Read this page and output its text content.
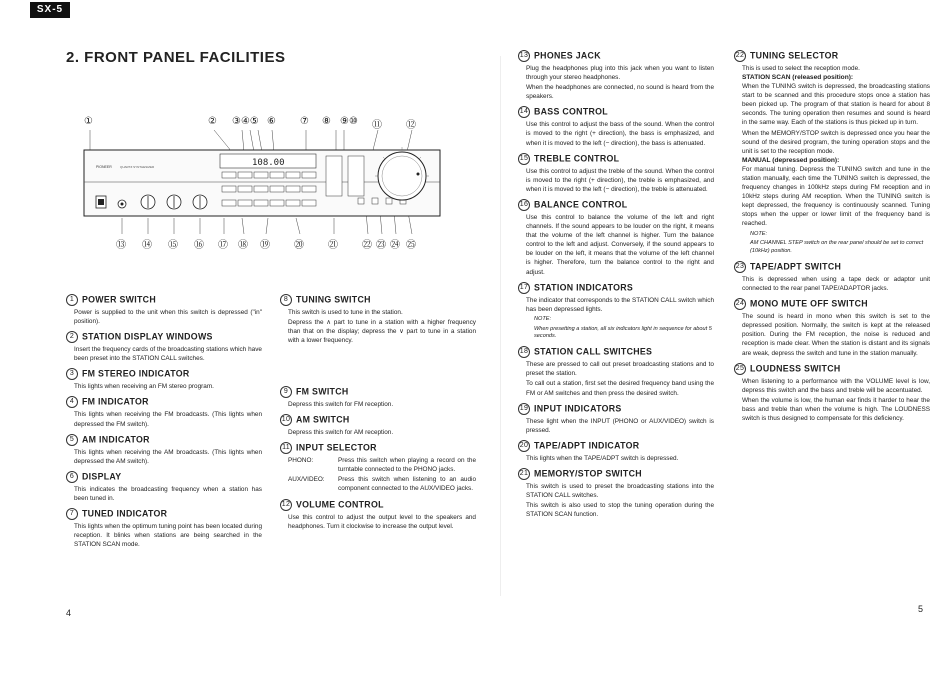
SX-5
2. FRONT PANEL FACILITIES
PIONEER	QUARTZ SYNTHESIZER	108.00
①	② ③④⑤ ⑥ ⑦ ⑧ ⑨⑩ ⑪ ⑫
⑬ ⑭ ⑮ ⑯ ⑰ ⑱ ⑲ ⑳ ㉑ ㉒ ㉓ ㉔ ㉕
1 POWER SWITCH

Power is supplied to the unit when this switch is depressed ("in" position).

2 STATION DISPLAY WINDOWS

Insert the frequency cards of the broadcasting stations which have been preset into the STATION CALL switches.

3 FM STEREO INDICATOR

This lights when receiving an FM stereo program.

4 FM INDICATOR

This lights when receiving the FM broadcasts. (This lights when depressed the FM switch).

5 AM INDICATOR

This lights when receiving the AM broadcasts. (This lights when depressed the AM switch).

6 DISPLAY

This indicates the broadcasting frequency when a station has been tuned in.

7 TUNED INDICATOR

This lights when the optimum tuning point has been located during reception. It blinks when stations are being searched in the STATION SCAN mode.

8 TUNING SWITCH

This switch is used to tune in the station.

Depress the ∧ part to tune in a station with a higher frequency than that on the display; depress the ∨ part to tune in a station with a lower frequency.

9 FM SWITCH

Depress this switch for FM reception.

10 AM SWITCH

Depress this switch for AM reception.

11 INPUT SELECTOR
PHONO:	Press this switch when playing a record on the turntable connected to the PHONO jacks.
AUX/VIDEO:	Press this switch when listening to an audio component connected to the AUX/VIDEO jacks.
12 VOLUME CONTROL

Use this control to adjust the output level to the speakers and headphones. Turn it clockwise to increase the output level.

13 PHONES JACK

Plug the headphones plug into this jack when you want to listen through your stereo headphones.

When the headphones are connected, no sound is heard from the speakers.

14 BASS CONTROL

Use this control to adjust the bass of the sound. When the control is moved to the right (+ direction), the bass is emphasized, and when it is moved to the left (− direction), the bass is attenuated.

15 TREBLE CONTROL

Use this control to adjust the treble of the sound. When the control is moved to the right (+ direction), the treble is emphasized, and when it is moved to the left (− direction), the treble is attenuated.

16 BALANCE CONTROL

Use this control to balance the volume of the left and right channels. If the sound appears to be louder on the right, it means that the volume of the left channel is higher. Turn the balance control to the left and adjust. Conversely, if the sound appears to be louder on the left, it means that the volume of the left channel is higher. Therefore, turn the balance control to the right and adjust.

17 STATION INDICATORS

The indicator that corresponds to the STATION CALL switch which has been depressed lights.

NOTE:
When presetting a station, all six indicators light in sequence for about 5 seconds.
18 STATION CALL SWITCHES

These are pressed to call out preset broadcasting stations and to preset the station.

To call out a station, first set the desired frequency band using the FM or AM switches and then press the desired switch.

19 INPUT INDICATORS

These light when the INPUT (PHONO or AUX/VIDEO) switch is pressed.

20 TAPE/ADPT INDICATOR

This lights when the TAPE/ADPT switch is depressed.

21 MEMORY/STOP SWITCH

This switch is used to preset the broadcasting stations into the STATION CALL switches.

This switch is also used to stop the tuning operation during the STATION SCAN function.

22 TUNING SELECTOR

This is used to select the reception mode.

STATION SCAN (released position):

When the TUNING switch is depressed, the broadcasting stations start to be scanned and this procedure stops once a station has been picked up. The program of that station is heard for about 8 seconds. The tuning operation then resumes and sound is heard in the same way. Each of the stations is thus picked up in turn.

When the MEMORY/STOP switch is depressed once you hear the sound of the desired program, the tuning operation stops and the unit is set to the reception mode.

MANUAL (depressed position):

For manual tuning. Depress the TUNING switch and tune in the station manually, each time the TUNING switch is depressed, the frequency changes in 100kHz steps during FM reception and in 10kHz steps during AM reception. When the TUNING switch is kept depressed, the frequency is continuously scanned. Tuning stops when the upper or lower limit of the frequency band is reached.

NOTE:
AM CHANNEL STEP switch on the rear panel should be set to correct (10kHz) position.
23 TAPE/ADPT SWITCH

This is depressed when using a tape deck or adaptor unit connected to the rear panel TAPE/ADAPTOR jacks.

24 MONO MUTE OFF SWITCH

The sound is heard in mono when this switch is set to the depressed position. Normally, the switch is kept at the released position. During the FM reception, the noise is reduced and reception is made clear. When the station is distant and its signals are weak, depress the switch and tune in the station manually.

25 LOUDNESS SWITCH

When listening to a performance with the VOLUME level is low, depress this switch and the bass and treble will be accentuated.

When the volume is low, the human ear finds it harder to hear the bass and treble than when the volume is high. The LOUDNESS switch is thus designed to compensate for this deficiency.

4	5
